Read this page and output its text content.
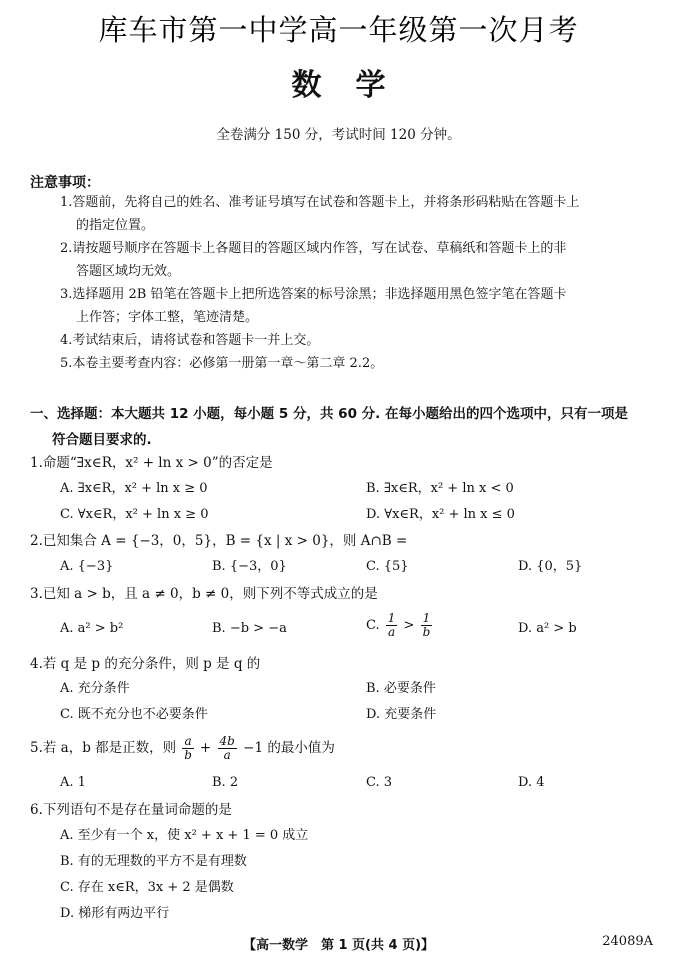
库车市第一中学高一年级第一次月考
数学
全卷满分 150 分，考试时间 120 分钟。
注意事项：
1.答题前，先将自己的姓名、准考证号填写在试卷和答题卡上，并将条形码粘贴在答题卡上
的指定位置。
2.请按题号顺序在答题卡上各题目的答题区域内作答，写在试卷、草稿纸和答题卡上的非
答题区域均无效。
3.选择题用 2B 铅笔在答题卡上把所选答案的标号涂黑；非选择题用黑色签字笔在答题卡
上作答；字体工整，笔迹清楚。
4.考试结束后，请将试卷和答题卡一并上交。
5.本卷主要考查内容：必修第一册第一章～第二章 2.2。
一、选择题：本大题共 12 小题，每小题 5 分，共 60 分. 在每小题给出的四个选项中，只有一项是
符合题目要求的.
1.命题“∃x∈R，x² + ln x > 0”的否定是
A. ∃x∈R，x² + ln x ≥ 0	B. ∃x∈R，x² + ln x < 0
C. ∀x∈R，x² + ln x ≥ 0	D. ∀x∈R，x² + ln x ≤ 0
2.已知集合 A = {−3，0，5}，B = {x | x > 0}，则 A∩B =
A. {−3}	B. {−3，0}	C. {5}	D. {0，5}
3.已知 a > b，且 a ≠ 0，b ≠ 0，则下列不等式成立的是
A. a² > b²	B. −b > −a	C. $\frac{1}{a} > \frac{1}{b}$	D. a² > b
4.若 q 是 p 的充分条件，则 p 是 q 的
A. 充分条件	B. 必要条件
C. 既不充分也不必要条件	D. 充要条件
5.若 a，b 都是正数，则 $\frac{a}{b} + \frac{4b}{a} -1$ 的最小值为
A. 1	B. 2	C. 3	D. 4
6.下列语句不是存在量词命题的是
A. 至少有一个 x，使 x² + x + 1 = 0 成立
B. 有的无理数的平方不是有理数
C. 存在 x∈R，3x + 2 是偶数
D. 梯形有两边平行
【高一数学　第 1 页(共 4 页)】	24089A
